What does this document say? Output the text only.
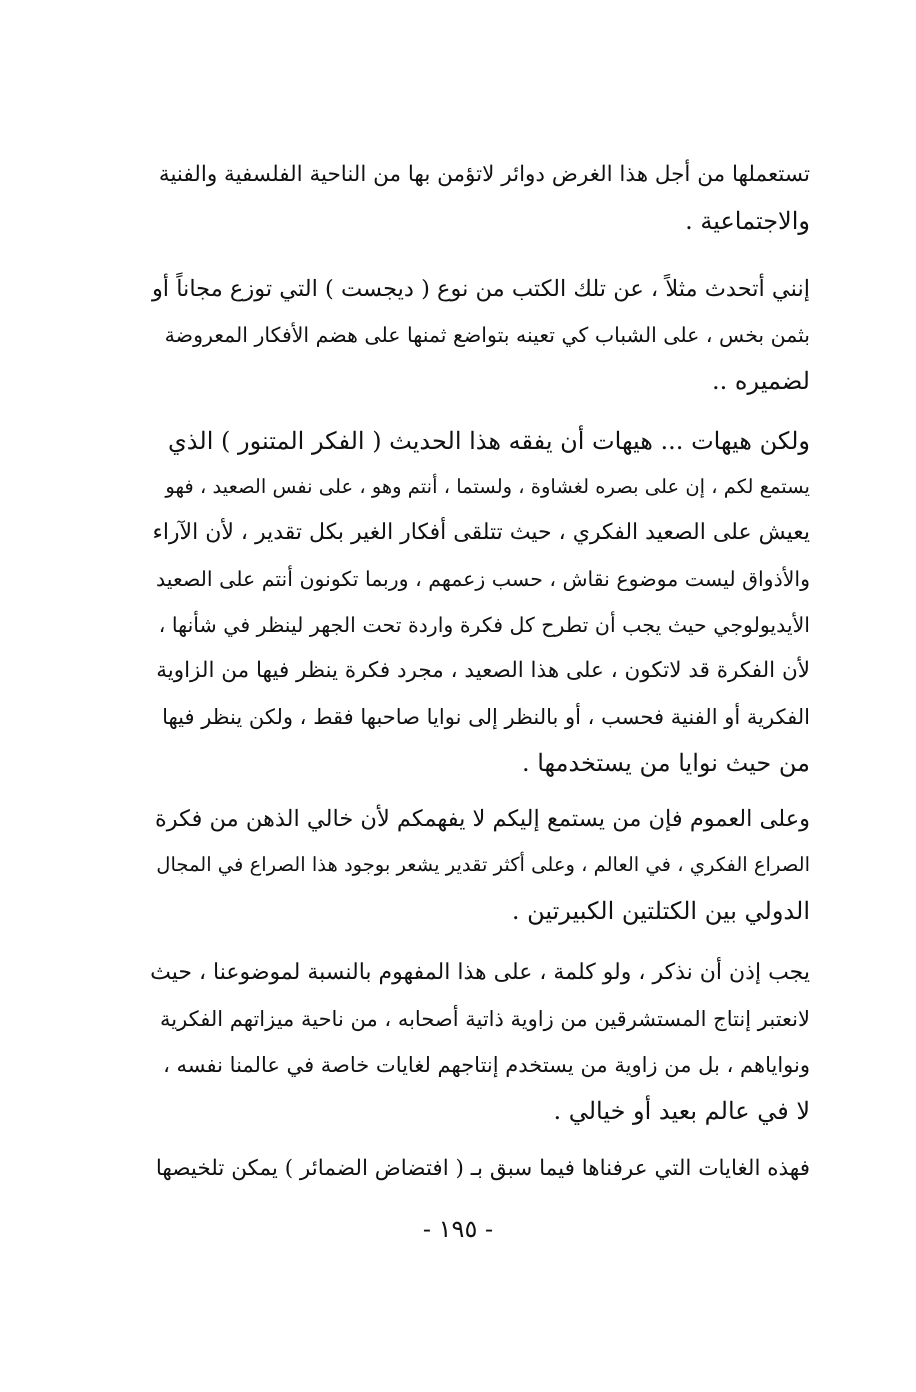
تستعملها من أجل هذا الغرض دوائر لاتؤمن بها من الناحية الفلسفية والفنية
والاجتماعية .
إنني أتحدث مثلاً ، عن تلك الكتب من نوع ( ديجست ) التي توزع مجاناً أو
بثمن بخس ، على الشباب كي تعينه بتواضع ثمنها على هضم الأفكار المعروضة
لضميره ..
ولكن هيهات ... هيهات أن يفقه هذا الحديث ( الفكر المتنور ) الذي
يستمع لكم ، إن على بصره لغشاوة ، ولستما ، أنتم وهو ، على نفس الصعيد ، فهو
يعيش على الصعيد الفكري ، حيث تتلقى أفكار الغير بكل تقدير ، لأن الآراء
والأذواق ليست موضوع نقاش ، حسب زعمهم ، وربما تكونون أنتم على الصعيد
الأيديولوجي حيث يجب أن تطرح كل فكرة واردة تحت الجهر لينظر في شأنها ،
لأن الفكرة قد لاتكون ، على هذا الصعيد ، مجرد فكرة ينظر فيها من الزاوية
الفكرية أو الفنية فحسب ، أو بالنظر إلى نوايا صاحبها فقط ، ولكن ينظر فيها
من حيث نوايا من يستخدمها .
وعلى العموم فإن من يستمع إليكم لا يفهمكم لأن خالي الذهن من فكرة
الصراع الفكري ، في العالم ، وعلى أكثر تقدير يشعر بوجود هذا الصراع في المجال
الدولي بين الكتلتين الكبيرتين .
يجب إذن أن نذكر ، ولو كلمة ، على هذا المفهوم بالنسبة لموضوعنا ، حيث
لانعتبر إنتاج المستشرقين من زاوية ذاتية أصحابه ، من ناحية ميزاتهم الفكرية
ونواياهم ، بل من زاوية من يستخدم إنتاجهم لغايات خاصة في عالمنا نفسه ،
لا في عالم بعيد أو خيالي .
فهذه الغايات التي عرفناها فيما سبق بـ ( افتضاض الضمائر ) يمكن تلخيصها
- ١٩٥ -
